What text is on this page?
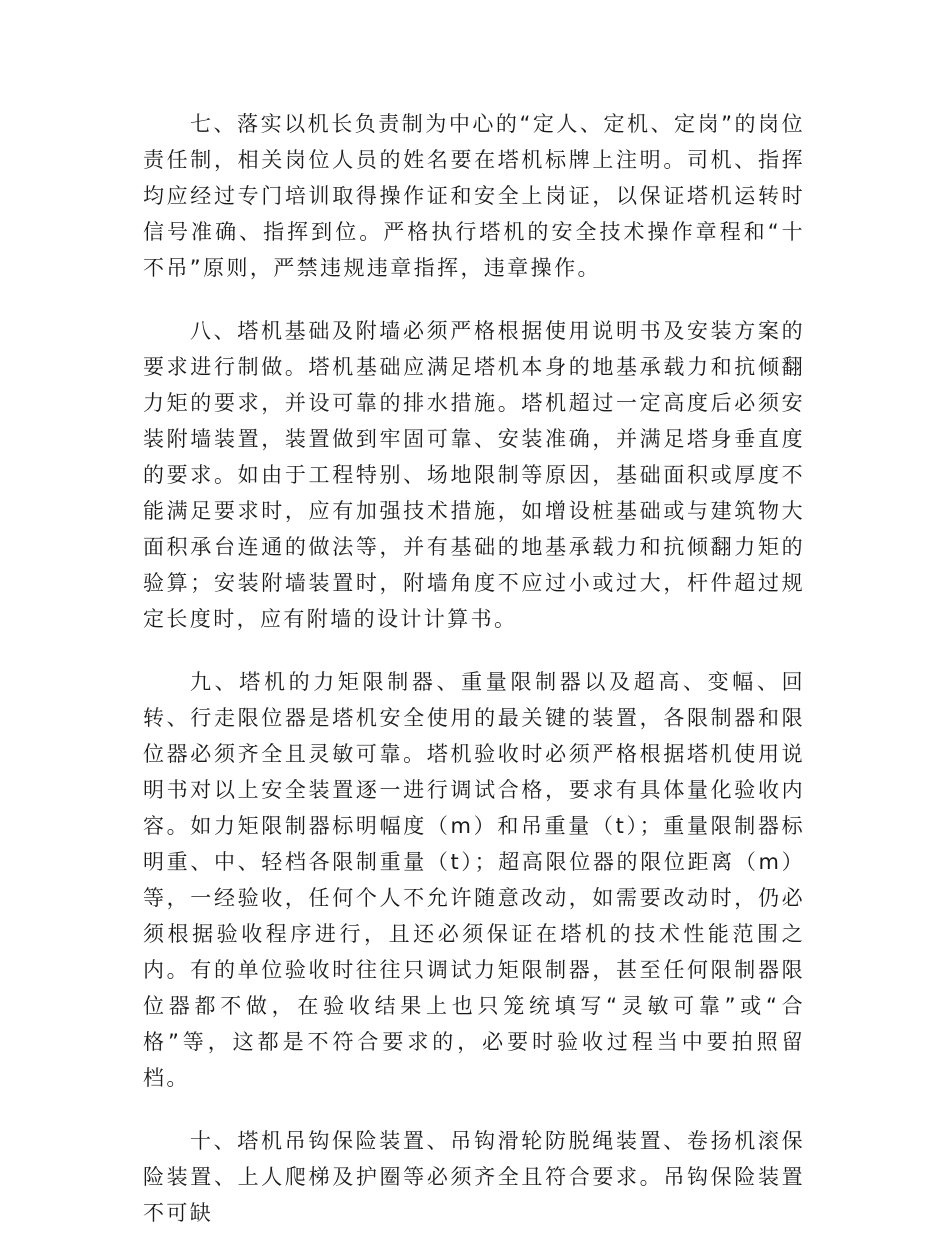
七、落实以机长负责制为中心的“定人、定机、定岗”的岗位责任制，相关岗位人员的姓名要在塔机标牌上注明。司机、指挥均应经过专门培训取得操作证和安全上岗证，以保证塔机运转时信号准确、指挥到位。严格执行塔机的安全技术操作章程和“十不吊”原则，严禁违规违章指挥，违章操作。

八、塔机基础及附墙必须严格根据使用说明书及安装方案的要求进行制做。塔机基础应满足塔机本身的地基承载力和抗倾翻力矩的要求，并设可靠的排水措施。塔机超过一定高度后必须安装附墙装置，装置做到牢固可靠、安装准确，并满足塔身垂直度的要求。如由于工程特别、场地限制等原因，基础面积或厚度不能满足要求时，应有加强技术措施，如增设桩基础或与建筑物大面积承台连通的做法等，并有基础的地基承载力和抗倾翻力矩的验算；安装附墙装置时，附墙角度不应过小或过大，杆件超过规定长度时，应有附墙的设计计算书。

九、塔机的力矩限制器、重量限制器以及超高、变幅、回转、行走限位器是塔机安全使用的最关键的装置，各限制器和限位器必须齐全且灵敏可靠。塔机验收时必须严格根据塔机使用说明书对以上安全装置逐一进行调试合格，要求有具体量化验收内容。如力矩限制器标明幅度（m）和吊重量（t）；重量限制器标明重、中、轻档各限制重量（t）；超高限位器的限位距离（m）等，一经验收，任何个人不允许随意改动，如需要改动时，仍必须根据验收程序进行，且还必须保证在塔机的技术性能范围之内。有的单位验收时往往只调试力矩限制器，甚至任何限制器限位器都不做，在验收结果上也只笼统填写“灵敏可靠”或“合格”等，这都是不符合要求的，必要时验收过程当中要拍照留档。

十、塔机吊钩保险装置、吊钩滑轮防脱绳装置、卷扬机滚保险装置、上人爬梯及护圈等必须齐全且符合要求。吊钩保险装置不可缺
